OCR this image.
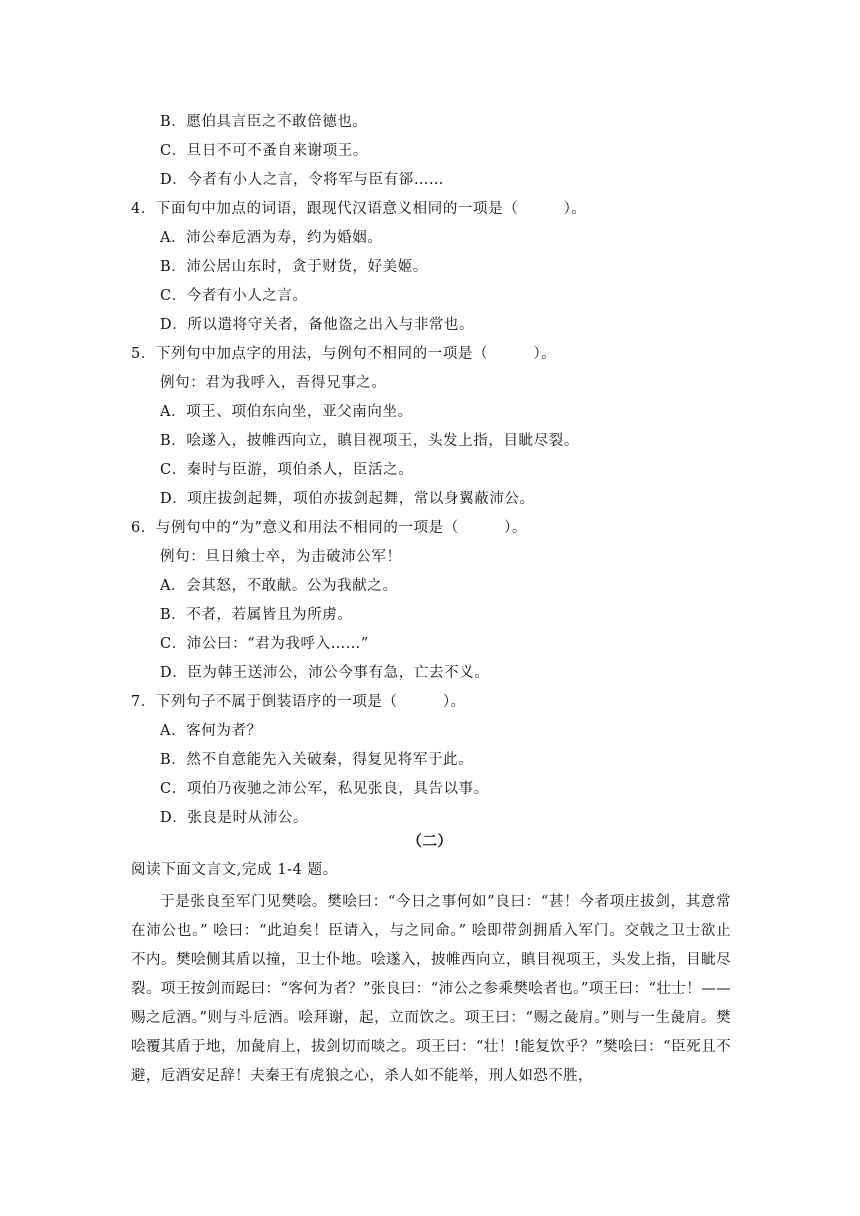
B．愿伯具言臣之不敢倍德也。
C．旦日不可不蚤自来谢项王。
D．今者有小人之言，令将军与臣有郤……
4．下面句中加点的词语，跟现代汉语意义相同的一项是（　　　）。
A．沛公奉卮酒为寿，约为婚姻。
B．沛公居山东时，贪于财货，好美姬。
C．今者有小人之言。
D．所以遣将守关者，备他盗之出入与非常也。
5．下列句中加点字的用法，与例句不相同的一项是（　　　）。
例句：君为我呼入，吾得兄事之。
A．项王、项伯东向坐，亚父南向坐。
B．哙遂入，披帷西向立，瞋目视项王，头发上指，目眦尽裂。
C．秦时与臣游，项伯杀人，臣活之。
D．项庄拔剑起舞，项伯亦拔剑起舞，常以身翼蔽沛公。
6．与例句中的“为”意义和用法不相同的一项是（　　　）。
例句：旦日飨士卒，为击破沛公军！
A．会其怒，不敢献。公为我献之。
B．不者，若属皆且为所虏。
C．沛公曰：“君为我呼入……”
D．臣为韩王送沛公，沛公今事有急，亡去不义。
7．下列句子不属于倒装语序的一项是（　　　）。
A．客何为者？
B．然不自意能先入关破秦，得复见将军于此。
C．项伯乃夜驰之沛公军，私见张良，具告以事。
D．张良是时从沛公。
（二）
阅读下面文言文,完成 1-4 题。
于是张良至军门见樊哙。樊哙曰：“今日之事何如”良曰：“甚！今者项庄拔剑，其意常在沛公也。” 哙曰：“此迫矣！臣请入，与之同命。” 哙即带剑拥盾入军门。交戟之卫士欲止不内。樊哙侧其盾以撞，卫士仆地。哙遂入，披帷西向立，瞋目视项王，头发上指，目眦尽裂。项王按剑而跽曰：“客何为者？”张良曰：“沛公之参乘樊哙者也。”项王曰：“壮士！——赐之卮酒。”则与斗卮酒。哙拜谢，起，立而饮之。项王曰：“赐之彘肩。”则与一生彘肩。樊哙覆其盾于地，加彘肩上，拔剑切而啖之。项王曰：“壮！!能复饮乎？”樊哙曰：“臣死且不避，卮酒安足辞！夫秦王有虎狼之心，杀人如不能举，刑人如恐不胜，
